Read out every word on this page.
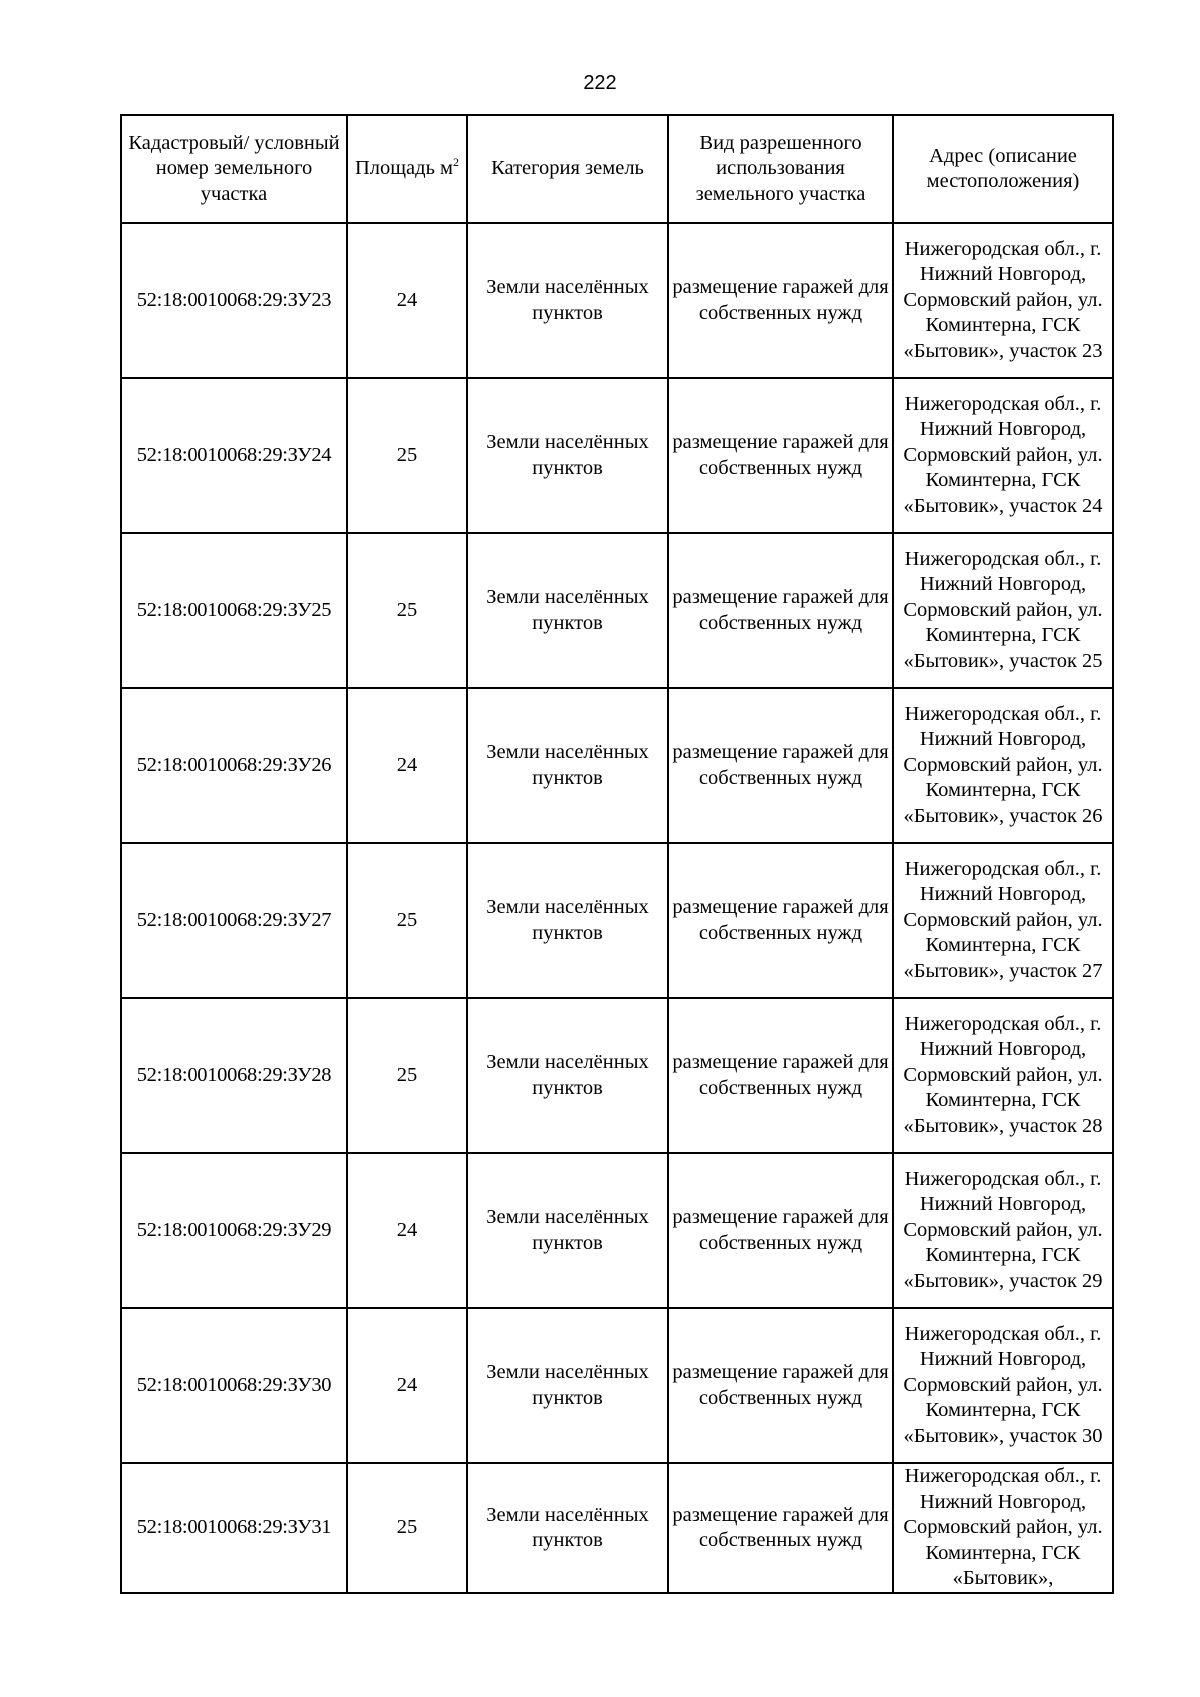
222
Кадастровый/ условный номер земельного участка	Площадь $м^2$	Категория земель	Вид разрешенного использования земельного участка	Адрес (описание местоположения)
52:18:0010068:29:ЗУ23	24	Земли населённых пунктов	размещение гаражей для собственных нужд	Нижегородская обл., г. Нижний Новгород, Сормовский район, ул. Коминтерна, ГСК «Бытовик», участок 23
52:18:0010068:29:ЗУ24	25	Земли населённых пунктов	размещение гаражей для собственных нужд	Нижегородская обл., г. Нижний Новгород, Сормовский район, ул. Коминтерна, ГСК «Бытовик», участок 24
52:18:0010068:29:ЗУ25	25	Земли населённых пунктов	размещение гаражей для собственных нужд	Нижегородская обл., г. Нижний Новгород, Сормовский район, ул. Коминтерна, ГСК «Бытовик», участок 25
52:18:0010068:29:ЗУ26	24	Земли населённых пунктов	размещение гаражей для собственных нужд	Нижегородская обл., г. Нижний Новгород, Сормовский район, ул. Коминтерна, ГСК «Бытовик», участок 26
52:18:0010068:29:ЗУ27	25	Земли населённых пунктов	размещение гаражей для собственных нужд	Нижегородская обл., г. Нижний Новгород, Сормовский район, ул. Коминтерна, ГСК «Бытовик», участок 27
52:18:0010068:29:ЗУ28	25	Земли населённых пунктов	размещение гаражей для собственных нужд	Нижегородская обл., г. Нижний Новгород, Сормовский район, ул. Коминтерна, ГСК «Бытовик», участок 28
52:18:0010068:29:ЗУ29	24	Земли населённых пунктов	размещение гаражей для собственных нужд	Нижегородская обл., г. Нижний Новгород, Сормовский район, ул. Коминтерна, ГСК «Бытовик», участок 29
52:18:0010068:29:ЗУ30	24	Земли населённых пунктов	размещение гаражей для собственных нужд	Нижегородская обл., г. Нижний Новгород, Сормовский район, ул. Коминтерна, ГСК «Бытовик», участок 30
52:18:0010068:29:ЗУ31	25	Земли населённых пунктов	размещение гаражей для собственных нужд	Нижегородская обл., г. Нижний Новгород, Сормовский район, ул. Коминтерна, ГСК «Бытовик»,
